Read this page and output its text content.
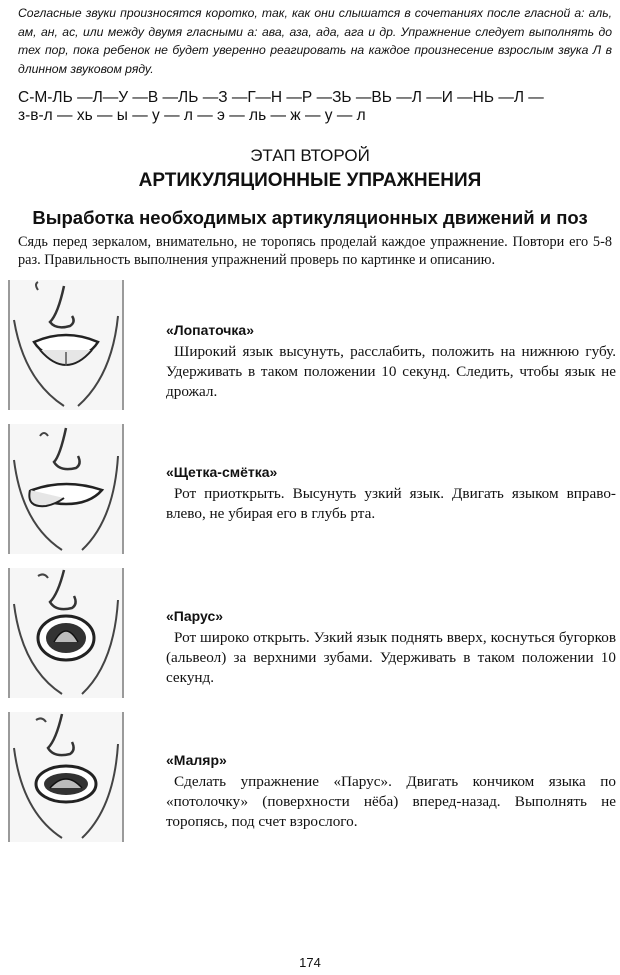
Согласные звуки произносятся коротко, так, как они слышатся в сочетаниях после гласной а: аль, ам, ан, ас, или между двумя гласными а: ава, аза, ада, ага и др. Упражнение следует выполнять до тех пор, пока ребенок не будет уверенно реагировать на каждое произнесение взрослым звука Л в длинном звуковом ряду.

С-М-ЛЬ —Л—У —В —ЛЬ —З —Г—Н —Р —ЗЬ —ВЬ —Л —И —НЬ —Л —

з-в-л — хь — ы — у — л — э — ль — ж — у — л

ЭТАП ВТОРОЙ

АРТИКУЛЯЦИОННЫЕ УПРАЖНЕНИЯ
Выработка необходимых артикуляционных движений и поз

Сядь перед зеркалом, внимательно, не торопясь проделай каждое упражнение. Повтори его 5-8 раз. Правильность выполнения упражнений проверь по картинке и описанию.

«Лопаточка»

Широкий язык высунуть, расслабить, положить на нижнюю губу. Удерживать в таком положении 10 секунд. Следить, чтобы язык не дрожал.

«Щетка-смётка»

Рот приоткрыть. Высунуть узкий язык. Двигать языком вправо-влево, не убирая его в глубь рта.

«Парус»

Рот широко открыть. Узкий язык поднять вверх, коснуться бугорков (альвеол) за верхними зубами. Удерживать в таком положении 10 секунд.

«Маляр»

Сделать упражнение «Парус». Двигать кончиком языка по «потолочку» (поверхности нёба) вперед-назад. Выполнять не торопясь, под счет взрослого.

174
